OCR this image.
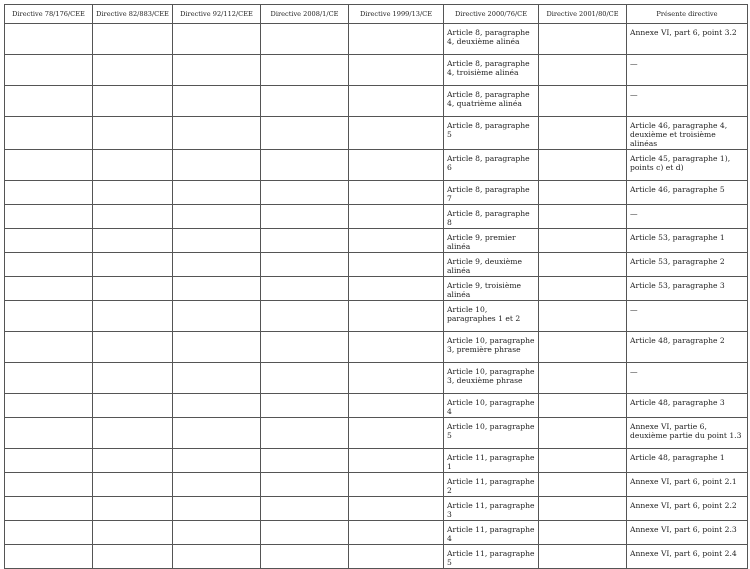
Directive 78/176/CEE	Directive 82/883/CEE	Directive 92/112/CEE	Directive 2008/1/CE	Directive 1999/13/CE	Directive 2000/76/CE	Directive 2001/80/CE	Présente directive
					Article 8, paragraphe 4, deuxième alinéa		Annexe VI, part 6, point 3.2
					Article 8, paragraphe 4, troisième alinéa		—
					Article 8, paragraphe 4, quatrième alinéa		—
					Article 8, paragraphe 5		Article 46, paragraphe 4, deuxième et troisième alinéas
					Article 8, paragraphe 6		Article 45, paragraphe 1), points c) et d)
					Article 8, paragraphe 7		Article 46, paragraphe 5
					Article 8, paragraphe 8		—
					Article 9, premier alinéa		Article 53, paragraphe 1
					Article 9, deuxième alinéa		Article 53, paragraphe 2
					Article 9, troisième alinéa		Article 53, paragraphe 3
					Article 10, paragraphes 1 et 2		—
					Article 10, paragraphe 3, première phrase		Article 48, paragraphe 2
					Article 10, paragraphe 3, deuxième phrase		—
					Article 10, paragraphe 4		Article 48, paragraphe 3
					Article 10, paragraphe 5		Annexe VI, partie 6, deuxième partie du point 1.3
					Article 11, paragraphe 1		Article 48, paragraphe 1
					Article 11, paragraphe 2		Annexe VI, part 6, point 2.1
					Article 11, paragraphe 3		Annexe VI, part 6, point 2.2
					Article 11, paragraphe 4		Annexe VI, part 6, point 2.3
					Article 11, paragraphe 5		Annexe VI, part 6, point 2.4
